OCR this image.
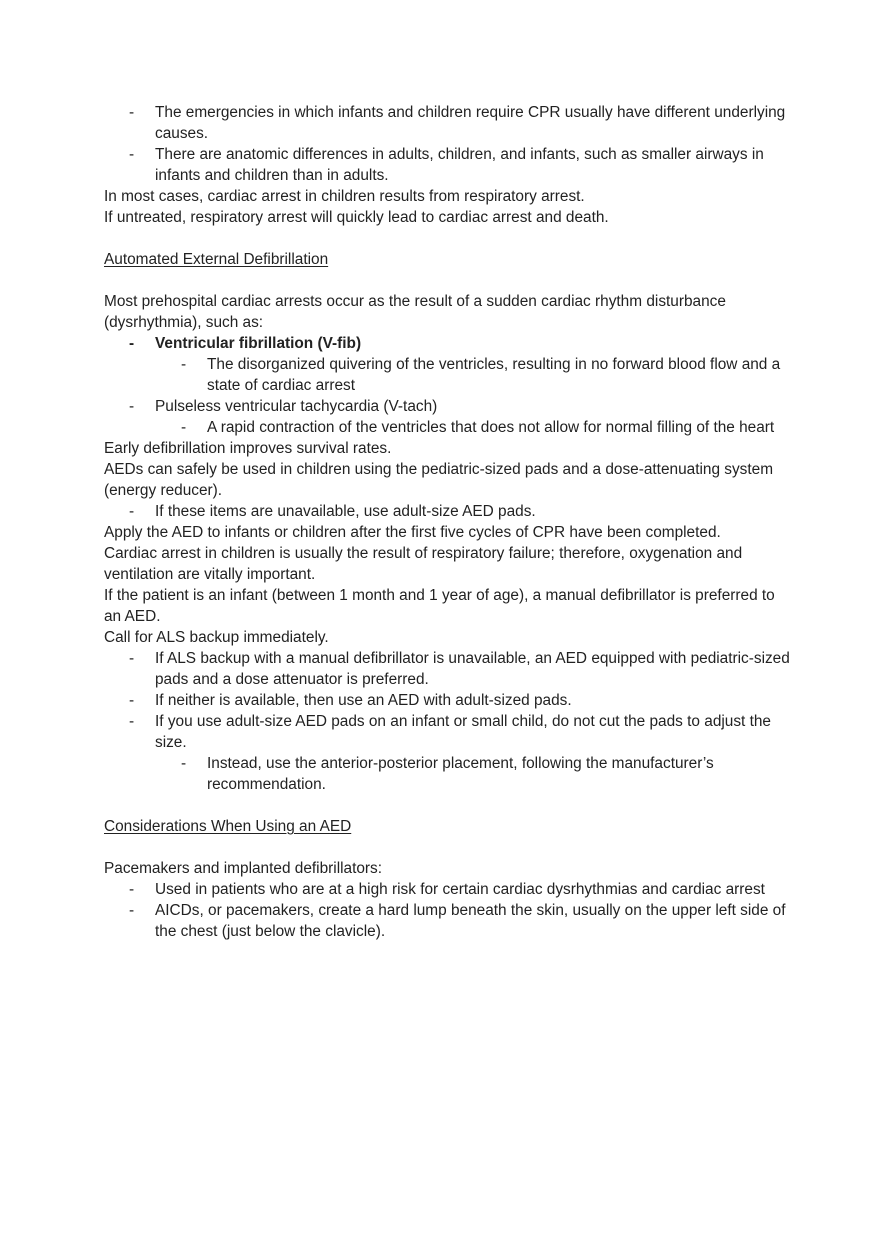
-	The emergencies in which infants and children require CPR usually have different underlying causes.
-	There are anatomic differences in adults, children, and infants, such as smaller airways in infants and children than in adults.
In most cases, cardiac arrest in children results from respiratory arrest.
If untreated, respiratory arrest will quickly lead to cardiac arrest and death.
Automated External Defibrillation
Most prehospital cardiac arrests occur as the result of a sudden cardiac rhythm disturbance (dysrhythmia), such as:
-	Ventricular fibrillation (V-fib)
-	The disorganized quivering of the ventricles, resulting in no forward blood flow and a state of cardiac arrest
-	Pulseless ventricular tachycardia (V-tach)
-	A rapid contraction of the ventricles that does not allow for normal filling of the heart
Early defibrillation improves survival rates.
AEDs can safely be used in children using the pediatric-sized pads and a dose-attenuating system (energy reducer).
-	If these items are unavailable, use adult-size AED pads.
Apply the AED to infants or children after the first five cycles of CPR have been completed.
Cardiac arrest in children is usually the result of respiratory failure; therefore, oxygenation and ventilation are vitally important.
If the patient is an infant (between 1 month and 1 year of age), a manual defibrillator is preferred to an AED.
Call for ALS backup immediately.
-	If ALS backup with a manual defibrillator is unavailable, an AED equipped with pediatric-sized pads and a dose attenuator is preferred.
-	If neither is available, then use an AED with adult-sized pads.
-	If you use adult-size AED pads on an infant or small child, do not cut the pads to adjust the size.
-	Instead, use the anterior-posterior placement, following the manufacturer’s recommendation.
Considerations When Using an AED
Pacemakers and implanted defibrillators:
-	Used in patients who are at a high risk for certain cardiac dysrhythmias and cardiac arrest
-	AICDs, or pacemakers, create a hard lump beneath the skin, usually on the upper left side of the chest (just below the clavicle).
